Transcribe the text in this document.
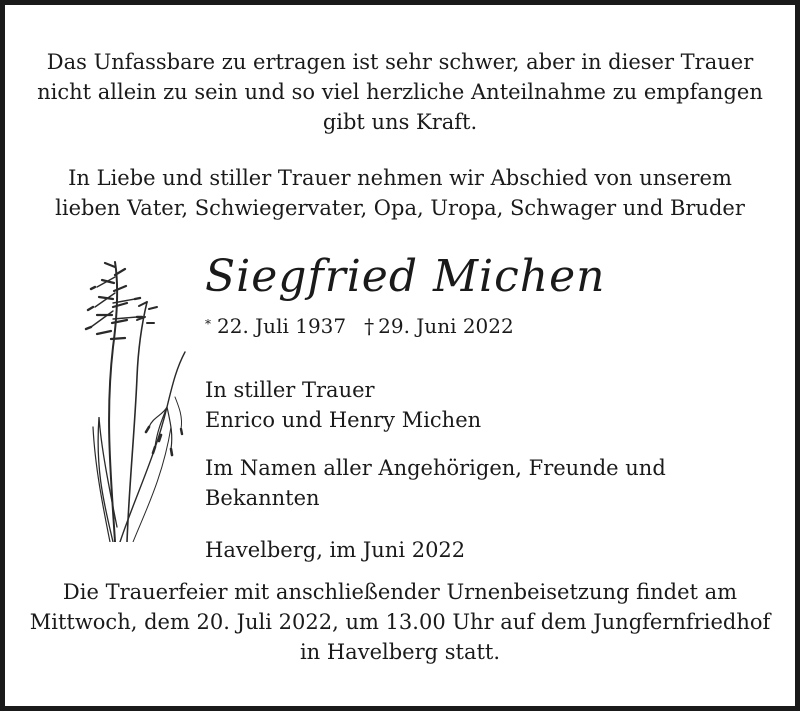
Das Unfassbare zu ertragen ist sehr schwer, aber in dieser Trauer
nicht allein zu sein und so viel herzliche Anteilnahme zu empfangen
gibt uns Kraft.
In Liebe und stiller Trauer nehmen wir Abschied von unserem
lieben Vater, Schwiegervater, Opa, Uropa, Schwager und Bruder
Siegfried Michen
* 22. Juli 1937 † 29. Juni 2022
In stiller Trauer
Enrico und Henry Michen
Im Namen aller Angehörigen, Freunde und
Bekannten
Havelberg, im Juni 2022
Die Trauerfeier mit anschließender Urnenbeisetzung findet am
Mittwoch, dem 20. Juli 2022, um 13.00 Uhr auf dem Jungfernfriedhof
in Havelberg statt.
